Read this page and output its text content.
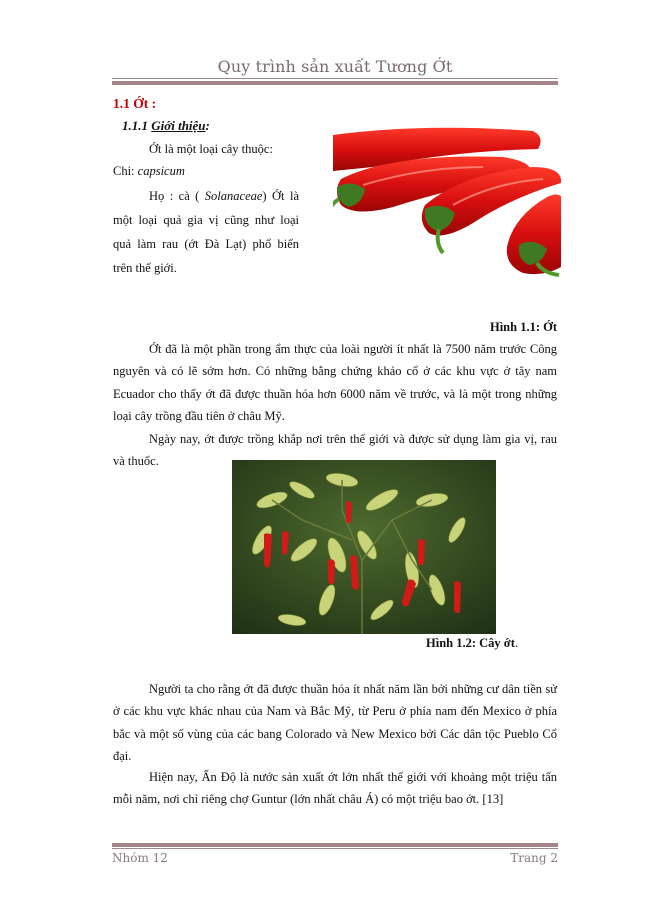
Quy trình sản xuất Tương Ớt
1.1 Ớt :
1.1.1 Giới thiệu:
Ớt là một loại cây thuộc:
Chi: capsicum
Họ : cà ( Solanaceae) Ớt là một loại quả gia vị cũng như loại quả làm rau (ớt Đà Lạt) phổ biến trên thế giới.
Hình 1.1: Ớt
Ớt đã là một phần trong ẩm thực của loài người ít nhất là 7500 năm trước Công nguyên và có lẽ sớm hơn. Có những bằng chứng khảo cổ ở các khu vực ở tây nam Ecuador cho thấy ớt đã được thuần hóa hơn 6000 năm về trước, và là một trong những loại cây trồng đầu tiên ở châu Mỹ.
Ngày nay, ớt được trồng khắp nơi trên thế giới và được sử dụng làm gia vị, rau và thuốc.
Hình 1.2: Cây ớt.
Người ta cho rằng ớt đã được thuần hóa ít nhất năm lần bởi những cư dân tiền sử ở các khu vực khác nhau của Nam và Bắc Mỹ, từ Peru ở phía nam đến Mexico ở phía bắc và một số vùng của các bang Colorado và New Mexico bởi Các dân tộc Pueblo Cổ đại.
Hiện nay, Ấn Độ là nước sản xuất ớt lớn nhất thế giới với khoảng một triệu tấn mỗi năm, nơi chỉ riêng chợ Guntur (lớn nhất châu Á) có một triệu bao ớt. [13]
Nhóm 12	Trang 2
